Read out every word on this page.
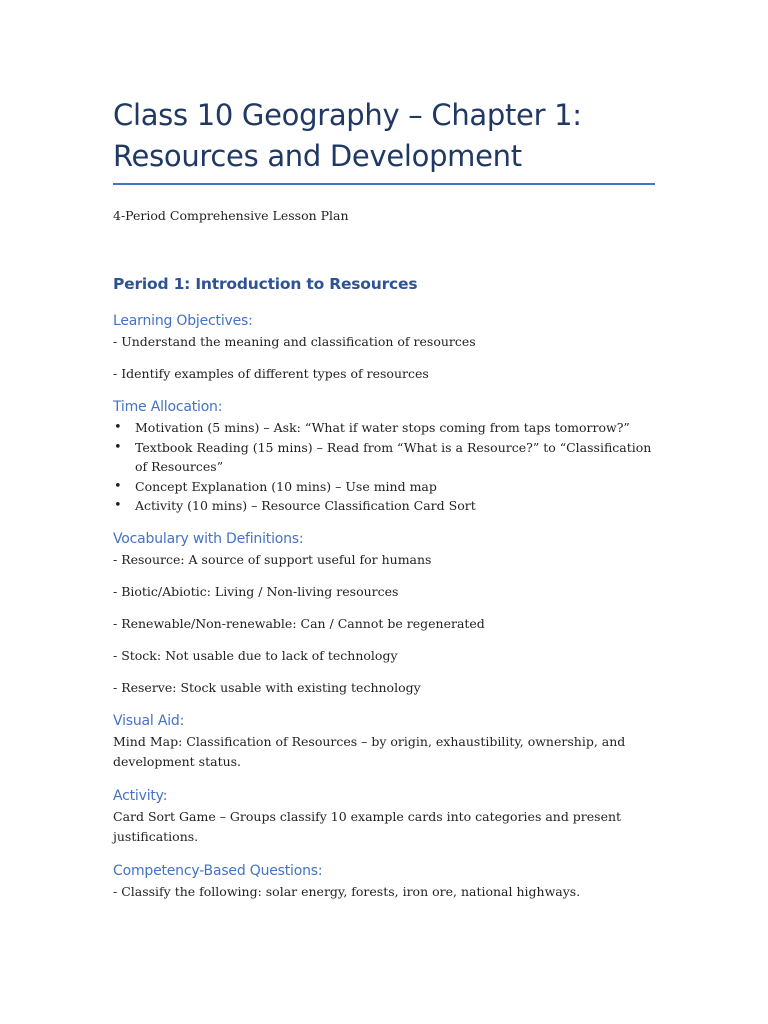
Class 10 Geography – Chapter 1: Resources and Development

4-Period Comprehensive Lesson Plan

Period 1: Introduction to Resources
Learning Objectives:

- Understand the meaning and classification of resources

- Identify examples of different types of resources

Time Allocation:
• Motivation (5 mins) – Ask: “What if water stops coming from taps tomorrow?”
• Textbook Reading (15 mins) – Read from “What is a Resource?” to “Classification of Resources”
• Concept Explanation (10 mins) – Use mind map
• Activity (10 mins) – Resource Classification Card Sort
Vocabulary with Definitions:

- Resource: A source of support useful for humans

- Biotic/Abiotic: Living / Non-living resources

- Renewable/Non-renewable: Can / Cannot be regenerated

- Stock: Not usable due to lack of technology

- Reserve: Stock usable with existing technology

Visual Aid:

Mind Map: Classification of Resources – by origin, exhaustibility, ownership, and development status.

Activity:

Card Sort Game – Groups classify 10 example cards into categories and present justifications.

Competency-Based Questions:

- Classify the following: solar energy, forests, iron ore, national highways.
